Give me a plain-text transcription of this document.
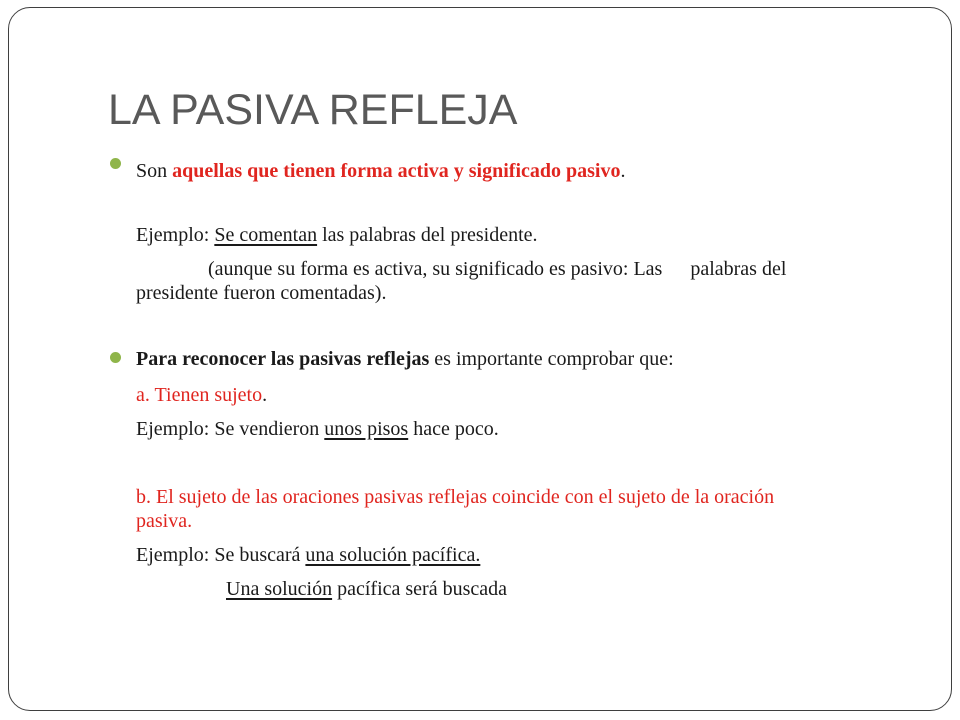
LA PASIVA REFLEJA

Son aquellas que tienen forma activa y significado pasivo.

Ejemplo: Se comentan las palabras del presidente.

(aunque su forma es activa, su significado es pasivo: Las palabras del

presidente fueron comentadas).

Para reconocer las pasivas reflejas es importante comprobar que:

a. Tienen sujeto.

Ejemplo: Se vendieron unos pisos hace poco.

b. El sujeto de las oraciones pasivas reflejas coincide con el sujeto de la oración

pasiva.

Ejemplo: Se buscará una solución pacífica.

Una solución pacífica será buscada
